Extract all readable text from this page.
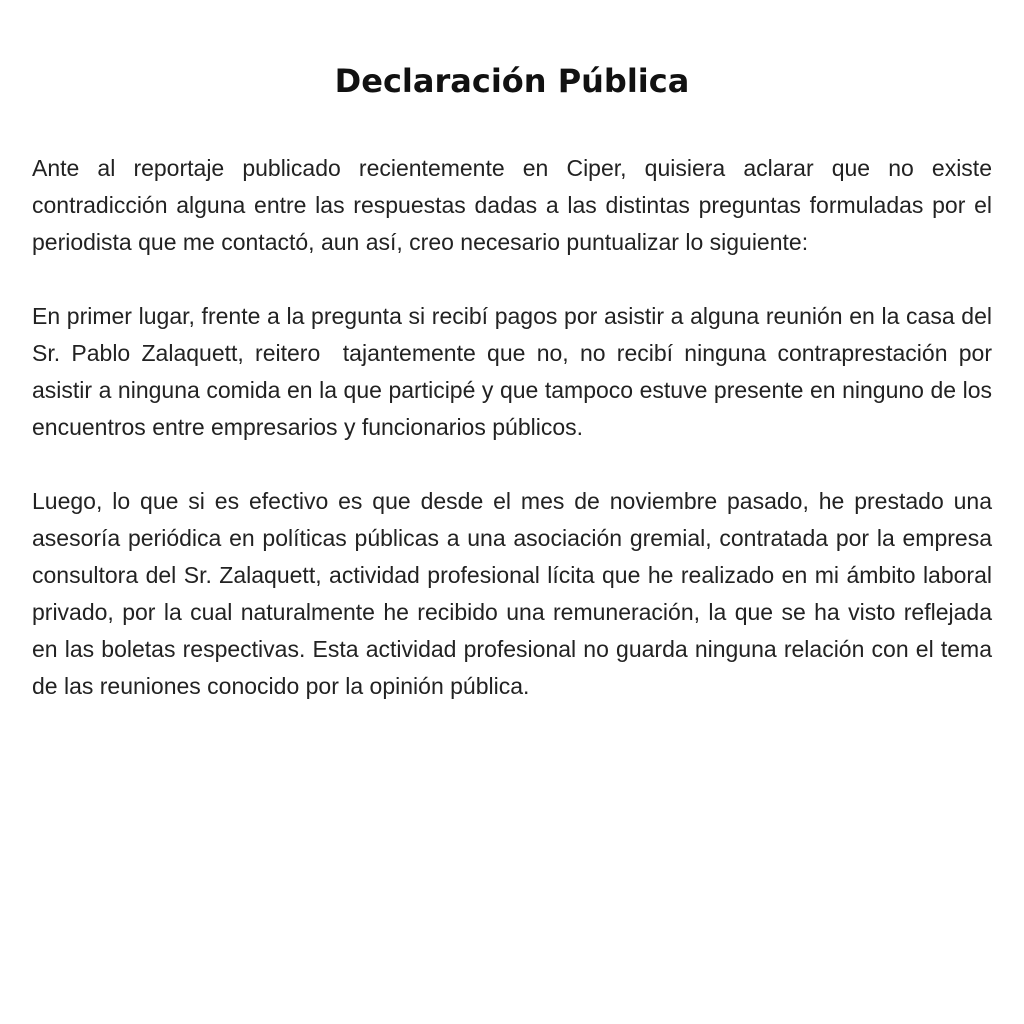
Declaración Pública

Ante al reportaje publicado recientemente en Ciper, quisiera aclarar que no existe  contradicción alguna entre las respuestas dadas a las distintas preguntas formuladas por el periodista que me contactó, aun así, creo necesario puntualizar lo siguiente:

En primer lugar, frente a la pregunta si recibí pagos por asistir a alguna reunión en la casa del Sr. Pablo Zalaquett, reitero  tajantemente que no, no recibí ninguna contraprestación por asistir a ninguna comida en la que participé y que tampoco estuve presente en ninguno de los encuentros entre empresarios y funcionarios públicos.

Luego, lo que si es efectivo es que desde el mes de noviembre pasado, he prestado una asesoría periódica en políticas públicas a una asociación gremial, contratada por la empresa consultora del Sr. Zalaquett, actividad profesional lícita que he realizado en mi ámbito laboral privado, por la cual naturalmente he recibido una remuneración, la que se ha visto reflejada en las boletas respectivas. Esta actividad profesional no guarda ninguna relación con el tema de las reuniones conocido por la opinión pública.
